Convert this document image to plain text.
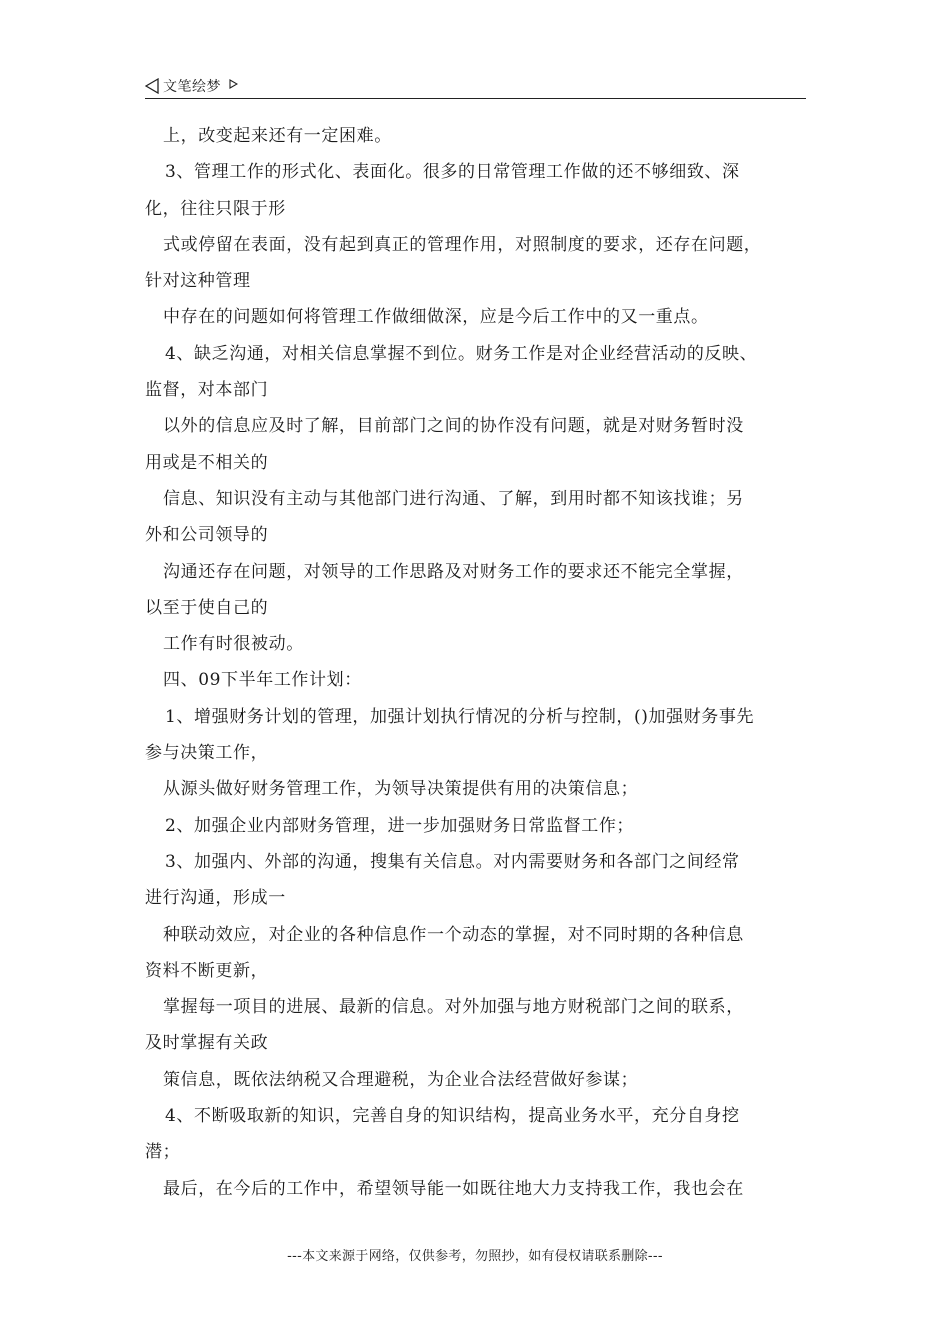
文笔绘梦

上，改变起来还有一定困难。

3、管理工作的形式化、表面化。很多的日常管理工作做的还不够细致、深

化，往往只限于形

式或停留在表面，没有起到真正的管理作用，对照制度的要求，还存在问题，

针对这种管理

中存在的问题如何将管理工作做细做深，应是今后工作中的又一重点。

4、缺乏沟通，对相关信息掌握不到位。财务工作是对企业经营活动的反映、

监督，对本部门

以外的信息应及时了解，目前部门之间的协作没有问题，就是对财务暂时没

用或是不相关的

信息、知识没有主动与其他部门进行沟通、了解，到用时都不知该找谁；另

外和公司领导的

沟通还存在问题，对领导的工作思路及对财务工作的要求还不能完全掌握，

以至于使自己的

工作有时很被动。

四、09下半年工作计划：

1、增强财务计划的管理，加强计划执行情况的分析与控制，()加强财务事先

参与决策工作，

从源头做好财务管理工作，为领导决策提供有用的决策信息；

2、加强企业内部财务管理，进一步加强财务日常监督工作；

3、加强内、外部的沟通，搜集有关信息。对内需要财务和各部门之间经常

进行沟通，形成一

种联动效应，对企业的各种信息作一个动态的掌握，对不同时期的各种信息

资料不断更新，

掌握每一项目的进展、最新的信息。对外加强与地方财税部门之间的联系，

及时掌握有关政

策信息，既依法纳税又合理避税，为企业合法经营做好参谋；

4、不断吸取新的知识，完善自身的知识结构，提高业务水平，充分自身挖

潜；

最后，在今后的工作中，希望领导能一如既往地大力支持我工作，我也会在

---本文来源于网络，仅供参考，勿照抄，如有侵权请联系删除---
